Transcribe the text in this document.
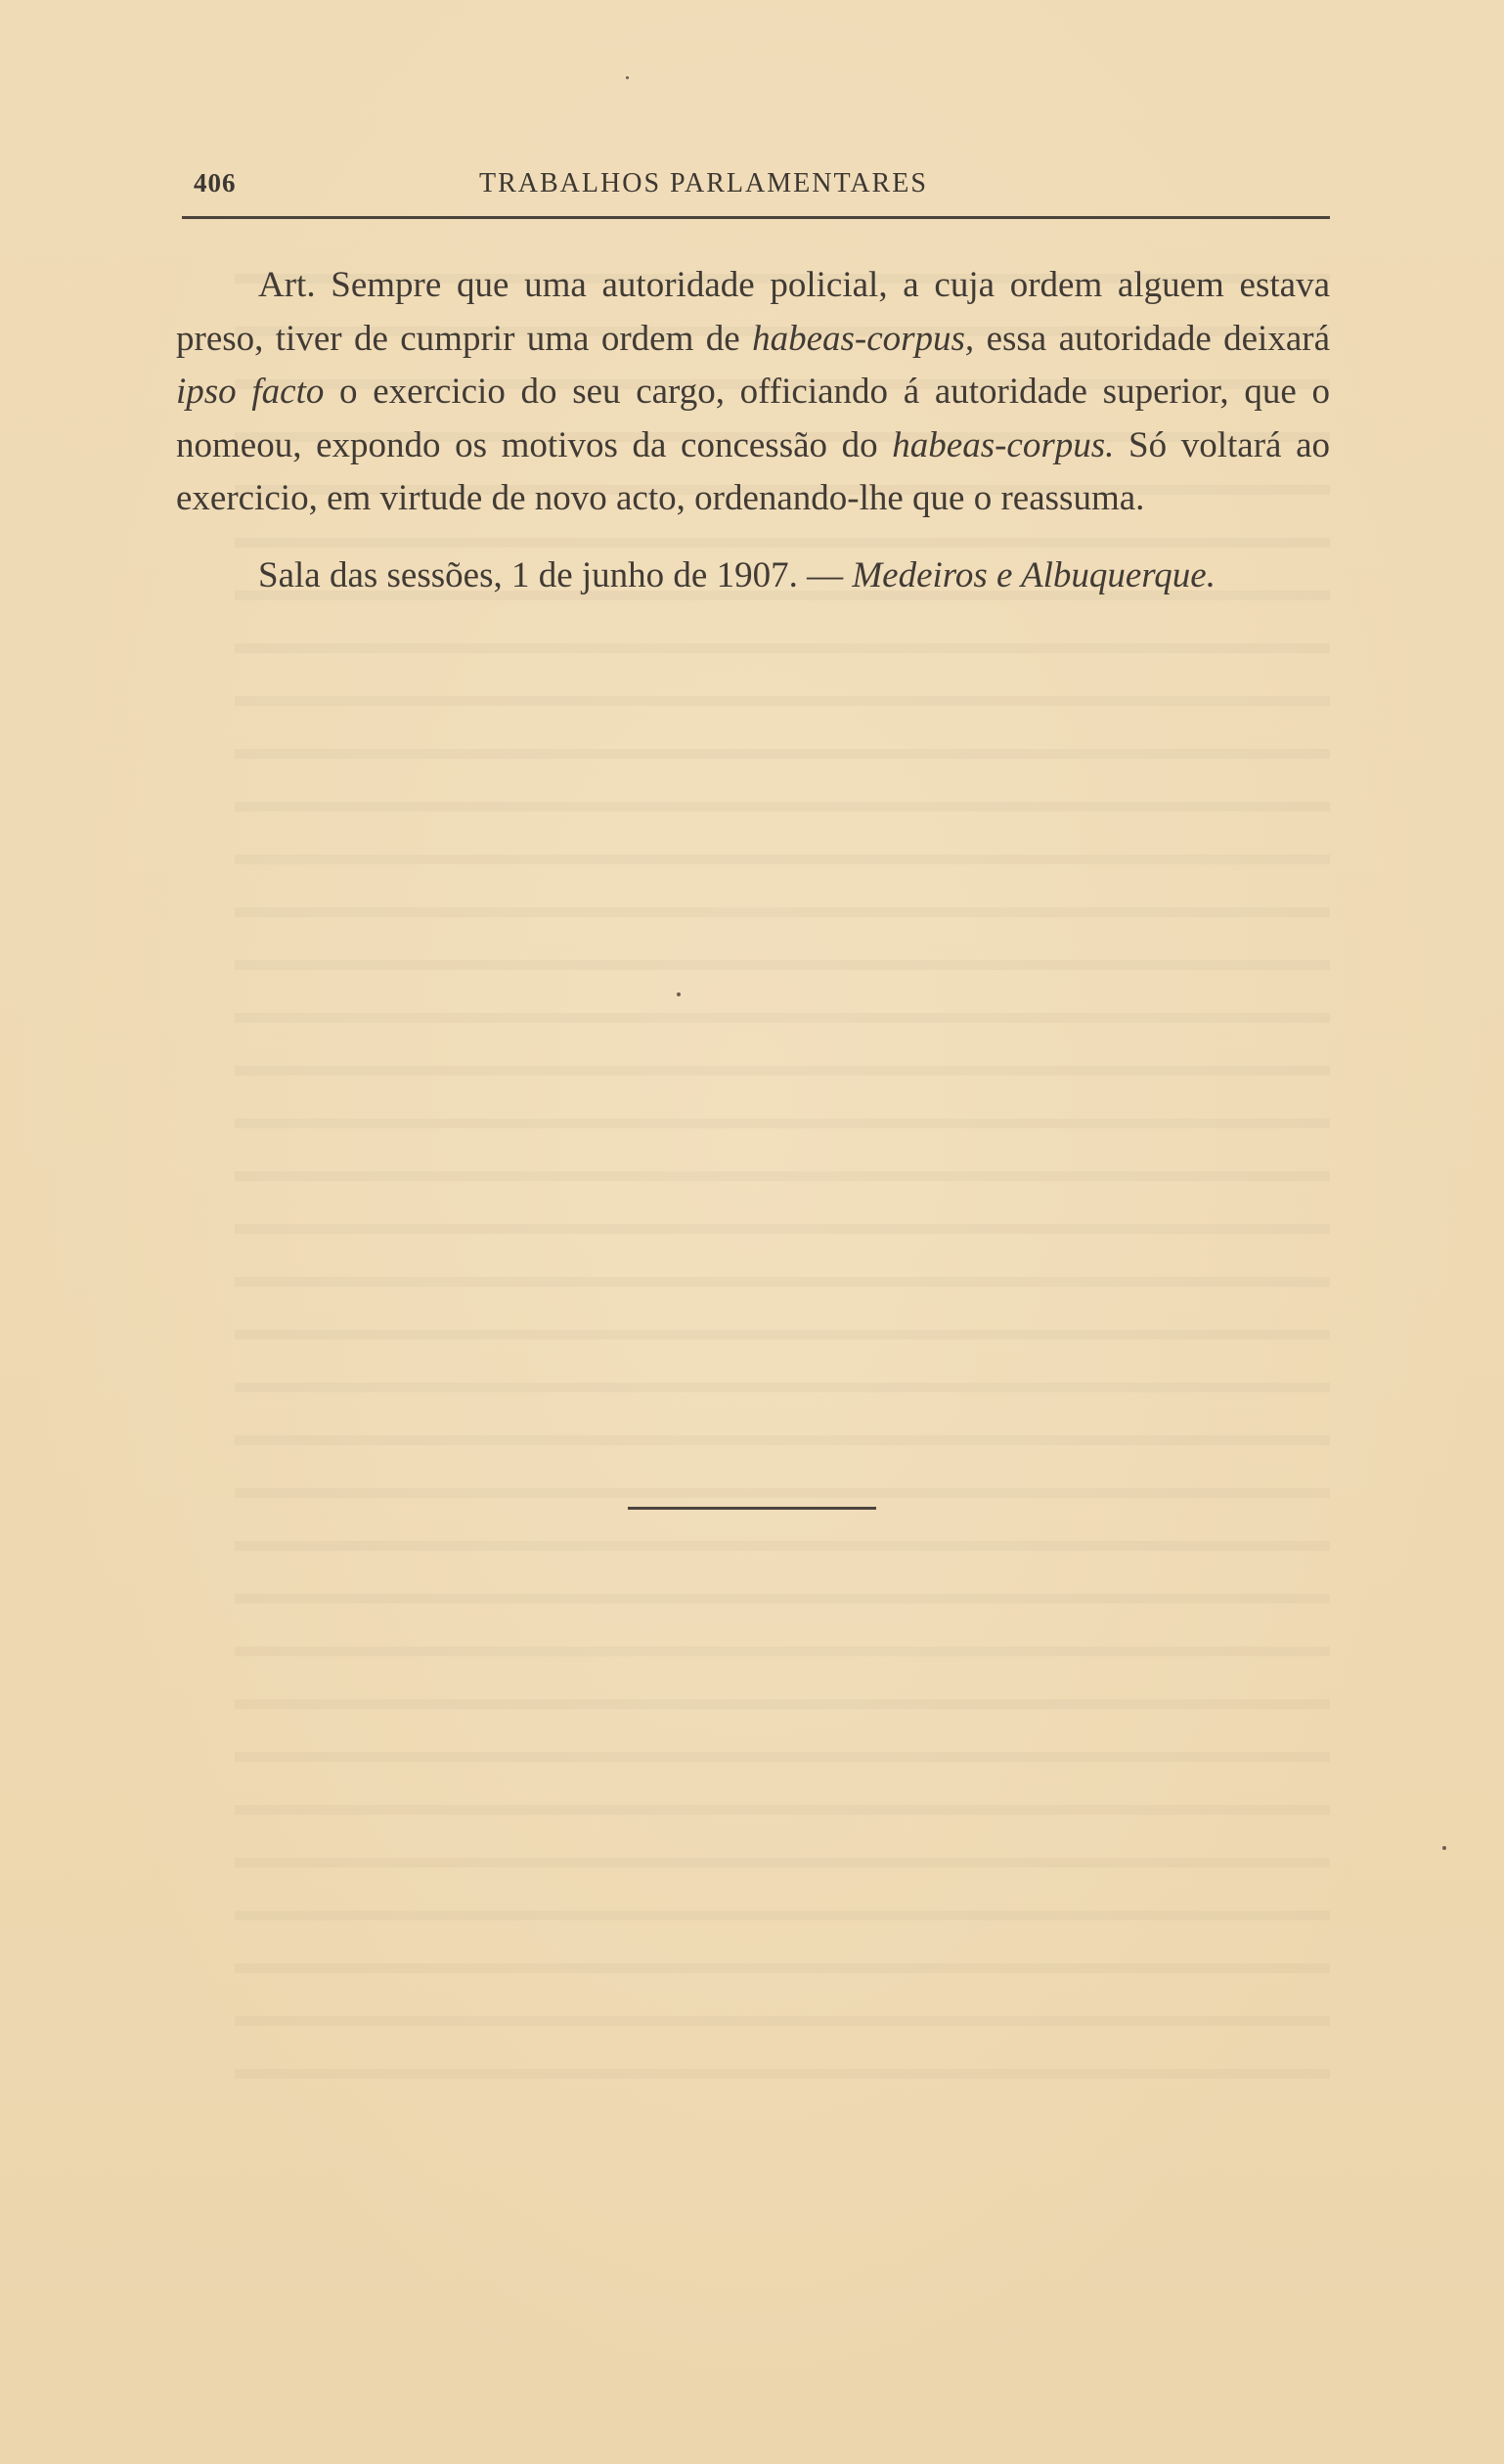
406	TRABALHOS PARLAMENTARES

Art. Sempre que uma autoridade policial, a cuja ordem alguem estava preso, tiver de cumprir uma ordem de habeas-corpus, essa autoridade deixará ipso facto o exercicio do seu cargo, officiando á autoridade superior, que o nomeou, expondo os motivos da concessão do habeas-corpus. Só voltará ao exercicio, em virtude de novo acto, ordenando-lhe que o reassuma.

Sala das sessões, 1 de junho de 1907. — Medeiros e Albuquerque.
